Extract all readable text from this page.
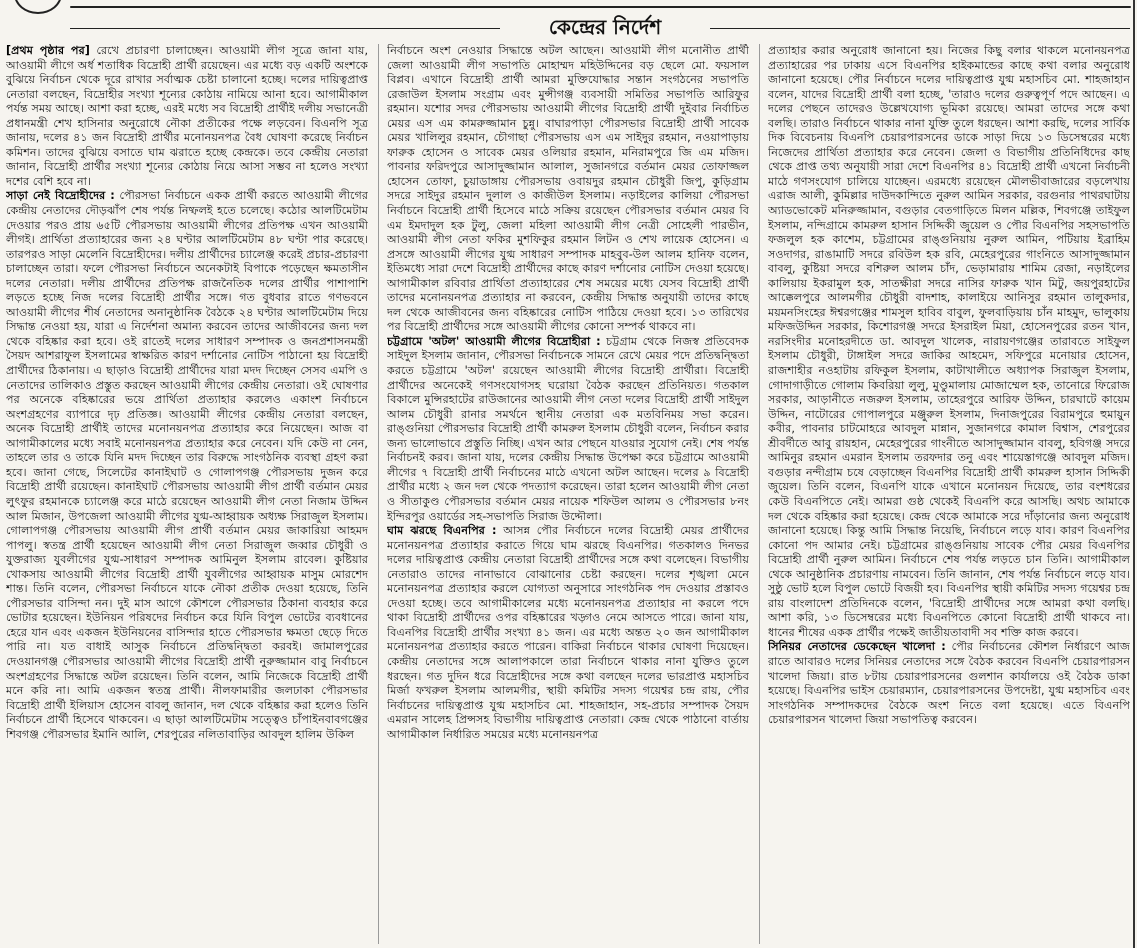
কেন্দ্রের নির্দেশ

[প্রথম পৃষ্ঠার পর] রেখে প্রচারণা চালাচ্ছেন। আওয়ামী লীগ সূত্রে জানা যায়, আওয়ামী লীগে অর্ধ শতাধিক বিদ্রোহী প্রার্থী রয়েছেন। এর মধ্যে বড় একটি অংশকে বুঝিয়ে নির্বাচন থেকে দূরে রাখার সর্বাত্মক চেষ্টা চালানো হচ্ছে। দলের দায়িত্বপ্রাপ্ত নেতারা বলছেন, বিদ্রোহীর সংখ্যা শূন্যের কোঠায় নামিয়ে আনা হবে। আগামীকাল পর্যন্ত সময় আছে। আশা করা হচ্ছে, এরই মধ্যে সব বিদ্রোহী প্রার্থীই দলীয় সভানেত্রী প্রধানমন্ত্রী শেখ হাসিনার অনুরোধে নৌকা প্রতীকের পক্ষে লড়বেন। বিএনপি সূত্র জানায়, দলের ৪১ জন বিদ্রোহী প্রার্থীর মনোনয়নপত্র বৈধ ঘোষণা করেছে নির্বাচন কমিশন। তাদের বুঝিয়ে বসাতে ঘাম ঝরাতে হচ্ছে কেন্দ্রকে। তবে কেন্দ্রীয় নেতারা জানান, বিদ্রোহী প্রার্থীর সংখ্যা শূন্যের কোঠায় নিয়ে আসা সম্ভব না হলেও সংখ্যা দশের বেশি হবে না।

সাড়া নেই বিদ্রোহীদের : পৌরসভা নির্বাচনে একক প্রার্থী করতে আওয়ামী লীগের কেন্দ্রীয় নেতাদের দৌড়ঝাঁপ শেষ পর্যন্ত নিষ্ফলই হতে চলেছে। কঠোর আলটিমেটাম দেওয়ার পরও প্রায় ৬৫টি পৌরসভায় আওয়ামী লীগের প্রতিপক্ষ এখন আওয়ামী লীগই। প্রার্থিতা প্রত্যাহারের জন্য ২৪ ঘণ্টার আলটিমেটাম ৪৮ ঘণ্টা পার করেছে। তারপরও সাড়া মেলেনি বিদ্রোহীদের। দলীয় প্রার্থীদের চ্যালেঞ্জ করেই প্রচার-প্রচারণা চালাচ্ছেন তারা। ফলে পৌরসভা নির্বাচনে অনেকটাই বিপাকে পড়েছেন ক্ষমতাসীন দলের নেতারা। দলীয় প্রার্থীদের প্রতিপক্ষ রাজনৈতিক দলের প্রার্থীর পাশাপাশি লড়তে হচ্ছে নিজ দলের বিদ্রোহী প্রার্থীর সঙ্গে। গত বুধবার রাতে গণভবনে আওয়ামী লীগের শীর্ষ নেতাদের অনানুষ্ঠানিক বৈঠকে ২৪ ঘণ্টার আলটিমেটাম দিয়ে সিদ্ধান্ত নেওয়া হয়, যারা এ নির্দেশনা অমান্য করবেন তাদের আজীবনের জন্য দল থেকে বহিষ্কার করা হবে। ওই রাতেই দলের সাধারণ সম্পাদক ও জনপ্রশাসনমন্ত্রী সৈয়দ আশরাফুল ইসলামের স্বাক্ষরিত কারণ দর্শানোর নোটিস পাঠানো হয় বিদ্রোহী প্রার্থীদের ঠিকানায়। এ ছাড়াও বিদ্রোহী প্রার্থীদের যারা মদদ দিচ্ছেন সেসব এমপি ও নেতাদের তালিকাও প্রস্তুত করছেন আওয়ামী লীগের কেন্দ্রীয় নেতারা। ওই ঘোষণার পর অনেকে বহিষ্কারের ভয়ে প্রার্থিতা প্রত্যাহার করলেও একাংশ নির্বাচনে অংশগ্রহণের ব্যাপারে দৃঢ় প্রতিজ্ঞ। আওয়ামী লীগের কেন্দ্রীয় নেতারা বলছেন, অনেক বিদ্রোহী প্রার্থীই তাদের মনোনয়নপত্র প্রত্যাহার করে নিয়েছেন। আজ বা আগামীকালের মধ্যে সবাই মনোনয়নপত্র প্রত্যাহার করে নেবেন। যদি কেউ না নেন, তাহলে তার ও তাকে যিনি মদদ দিচ্ছেন তার বিরুদ্ধে সাংগঠনিক ব্যবস্থা গ্রহণ করা হবে। জানা গেছে, সিলেটের কানাইঘাট ও গোলাপগঞ্জ পৌরসভায় দুজন করে বিদ্রোহী প্রার্থী রয়েছেন। কানাইঘাট পৌরসভায় আওয়ামী লীগ প্রার্থী বর্তমান মেয়র লুৎফুর রহমানকে চ্যালেঞ্জ করে মাঠে রয়েছেন আওয়ামী লীগ নেতা নিজাম উদ্দিন আল মিজান, উপজেলা আওয়ামী লীগের যুগ্ম-আহ্বায়ক অধ্যক্ষ সিরাজুল ইসলাম। গোলাপগঞ্জ পৌরসভায় আওয়ামী লীগ প্রার্থী বর্তমান মেয়র জাকারিয়া আহমদ পাপলু। স্বতন্ত্র প্রার্থী হয়েছেন আওয়ামী লীগ নেতা সিরাজুল জব্বার চৌধুরী ও যুক্তরাজ্য যুবলীগের যুগ্ম-সাধারণ সম্পাদক আমিনুল ইসলাম রাবেল। কুষ্টিয়ার খোকসায় আওয়ামী লীগের বিদ্রোহী প্রার্থী যুবলীগের আহ্বায়ক মাসুম মোরশেদ শান্ত। তিনি বলেন, পৌরসভা নির্বাচনে যাকে নৌকা প্রতীক দেওয়া হয়েছে, তিনি পৌরসভার বাসিন্দা নন। দুই মাস আগে কৌশলে পৌরসভার ঠিকানা ব্যবহার করে ভোটার হয়েছেন। ইউনিয়ন পরিষদের নির্বাচন করে যিনি বিপুল ভোটের ব্যবধানের হেরে যান এবং একজন ইউনিয়নের বাসিন্দার হাতে পৌরসভার ক্ষমতা ছেড়ে দিতে পারি না। যত বাধাই আসুক নির্বাচনে প্রতিদ্বন্দ্বিতা করবই। জামালপুরের দেওয়ানগঞ্জ পৌরসভার আওয়ামী লীগের বিদ্রোহী প্রার্থী নুরুজ্জামান বাবু নির্বাচনে অংশগ্রহণের সিদ্ধান্তে অটল রয়েছেন। তিনি বলেন, আমি নিজেকে বিদ্রোহী প্রার্থী মনে করি না। আমি একজন স্বতন্ত্র প্রার্থী। নীলফামারীর জলঢাকা পৌরসভার বিদ্রোহী প্রার্থী ইলিয়াস হোসেন বাবলু জানান, দল থেকে বহিষ্কার করা হলেও তিনি নির্বাচনে প্রার্থী হিসেবে থাকবেন। এ ছাড়া আলটিমেটাম সত্ত্বেও চাঁপাইনবাবগঞ্জের শিবগঞ্জ পৌরসভার ইমানি আলি, শেরপুরের নলিতাবাড়ির আবদুল হালিম উকিল

নির্বাচনে অংশ নেওয়ার সিদ্ধান্তে অটল আছেন। আওয়ামী লীগ মনোনীত প্রার্থী জেলা আওয়ামী লীগ সভাপতি মোহাম্মদ মহিউদ্দিনের বড় ছেলে মো. ফয়সাল বিপ্লব। এখানে বিদ্রোহী প্রার্থী আমরা মুক্তিযোদ্ধার সন্তান সংগঠনের সভাপতি রেজাউল ইসলাম সংগ্রাম এবং মুন্সীগঞ্জ ব্যবসায়ী সমিতির সভাপতি আরিফুর রহমান। যশোর সদর পৌরসভায় আওয়ামী লীগের বিদ্রোহী প্রার্থী দুইবার নির্বাচিত মেয়র এস এম কামরুজ্জামান চুন্নু। বাঘারপাড়া পৌরসভার বিদ্রোহী প্রার্থী সাবেক মেয়র খালিলুর রহমান, চৌগাছা পৌরসভায় এস এম সাইদুর রহমান, নওয়াপাড়ায় ফারুক হোসেন ও সাবেক মেয়র ওলিয়ার রহমান, মনিরামপুরে জি এম মজিদ। পাবনার ফরিদপুরে আসাদুজ্জামান আলাল, সুজানগরে বর্তমান মেয়র তোফাজ্জল হোসেন তোফা, চুয়াডাঙ্গায় পৌরসভায় ওবায়দুর রহমান চৌধুরী জিপু, কুড়িগ্রাম সদরে সাইদুর রহমান দুলাল ও কাজীউল ইসলাম। নড়াইলের কালিয়া পৌরসভা নির্বাচনে বিদ্রোহী প্রার্থী হিসেবে মাঠে সক্রিয় রয়েছেন পৌরসভার বর্তমান মেয়র বি এম ইমদাদুল হক টুলু, জেলা মহিলা আওয়ামী লীগ নেত্রী সোহেলী পারভীন, আওয়ামী লীগ নেতা ফকির মুশফিকুর রহমান লিটন ও শেখ লায়েক হোসেন। এ প্রসঙ্গে আওয়ামী লীগের যুগ্ম সাধারণ সম্পাদক মাহবুব-উল আলম হানিফ বলেন, ইতিমধ্যে সারা দেশে বিদ্রোহী প্রার্থীদের কাছে কারণ দর্শানোর নোটিস দেওয়া হয়েছে। আগামীকাল রবিবার প্রার্থিতা প্রত্যাহারের শেষ সময়ের মধ্যে যেসব বিদ্রোহী প্রার্থী তাদের মনোনয়নপত্র প্রত্যাহার না করবেন, কেন্দ্রীয় সিদ্ধান্ত অনুযায়ী তাদের কাছে দল থেকে আজীবনের জন্য বহিষ্কারের নোটিস পাঠিয়ে দেওয়া হবে। ১৩ তারিখের পর বিদ্রোহী প্রার্থীদের সঙ্গে আওয়ামী লীগের কোনো সম্পর্ক থাকবে না।

চট্টগ্রামে 'অটল' আওয়ামী লীগের বিদ্রোহীরা : চট্টগ্রাম থেকে নিজস্ব প্রতিবেদক সাইদুল ইসলাম জানান, পৌরসভা নির্বাচনকে সামনে রেখে মেয়র পদে প্রতিদ্বন্দ্বিতা করতে চট্টগ্রামে 'অটল' রয়েছেন আওয়ামী লীগের বিদ্রোহী প্রার্থীরা। বিদ্রোহী প্রার্থীদের অনেকেই গণসংযোগসহ ঘরোয়া বৈঠক করছেন প্রতিনিয়ত। গতকাল বিকালে মুন্সিরহাটের রাউজানের আওয়ামী লীগ নেতা দলের বিদ্রোহী প্রার্থী সাইদুল আলম চৌধুরী রানার সমর্থনে স্থানীয় নেতারা এক মতবিনিময় সভা করেন। রাঙ্গুনিয়া পৌরসভার বিদ্রোহী প্রার্থী কামরুল ইসলাম চৌধুরী বলেন, নির্বাচন করার জন্য ভালোভাবে প্রস্তুতি নিচ্ছি। এখন আর পেছনে যাওয়ার সুযোগ নেই। শেষ পর্যন্ত নির্বাচনই করব। জানা যায়, দলের কেন্দ্রীয় সিদ্ধান্ত উপেক্ষা করে চট্টগ্রামে আওয়ামী লীগের ৭ বিদ্রোহী প্রার্থী নির্বাচনের মাঠে এখনো অটল আছেন। দলের ৯ বিদ্রোহী প্রার্থীর মধ্যে ২ জন দল থেকে পদত্যাগ করেছেন। তারা হলেন আওয়ামী লীগ নেতা ও সীতাকুণ্ড পৌরসভার বর্তমান মেয়র নায়েক শফিউল আলম ও পৌরসভার ৮নং ইন্দিরপুর ওয়ার্ডের সহ-সভাপতি সিরাজ উদ্দৌলা।

ঘাম ঝরছে বিএনপির : আসন্ন পৌর নির্বাচনে দলের বিদ্রোহী মেয়র প্রার্থীদের মনোনয়নপত্র প্রত্যাহার করাতে গিয়ে ঘাম ঝরছে বিএনপির। গতকালও দিনভর দলের দায়িত্বপ্রাপ্ত কেন্দ্রীয় নেতারা বিদ্রোহী প্রার্থীদের সঙ্গে কথা বলেছেন। বিভাগীয় নেতারাও তাদের নানাভাবে বোঝানোর চেষ্টা করছেন। দলের শৃঙ্খলা মেনে মনোনয়নপত্র প্রত্যাহার করলে যোগ্যতা অনুসারে সাংগঠনিক পদ দেওয়ার প্রস্তাবও দেওয়া হচ্ছে। তবে আগামীকালের মধ্যে মনোনয়নপত্র প্রত্যাহার না করলে পদে থাকা বিদ্রোহী প্রার্থীদের ওপর বহিষ্কারের খড়্গও নেমে আসতে পারে। জানা যায়, বিএনপির বিদ্রোহী প্রার্থীর সংখ্যা ৪১ জন। এর মধ্যে অন্তত ২০ জন আগামীকাল মনোনয়নপত্র প্রত্যাহার করতে পারেন। বাকিরা নির্বাচনে থাকার ঘোষণা দিয়েছেন। কেন্দ্রীয় নেতাদের সঙ্গে আলাপকালে তারা নির্বাচনে থাকার নানা যুক্তিও তুলে ধরছেন। গত দুদিন ধরে বিদ্রোহীদের সঙ্গে কথা বলছেন দলের ভারপ্রাপ্ত মহাসচিব মির্জা ফখরুল ইসলাম আলমগীর, স্থায়ী কমিটির সদস্য গয়েশ্বর চন্দ্র রায়, পৌর নির্বাচনের দায়িত্বপ্রাপ্ত যুগ্ম মহাসচিব মো. শাহজাহান, সহ-প্রচার সম্পাদক সৈয়দ এমরান সালেহ প্রিন্সসহ বিভাগীয় দায়িত্বপ্রাপ্ত নেতারা। কেন্দ্র থেকে পাঠানো বার্তায় আগামীকাল নির্ধারিত সময়ের মধ্যে মনোনয়নপত্র

প্রত্যাহার করার অনুরোধ জানানো হয়। নিজের কিছু বলার থাকলে মনোনয়নপত্র প্রত্যাহারের পর ঢাকায় এসে বিএনপির হাইকমান্ডের কাছে কথা বলার অনুরোধ জানানো হয়েছে। পৌর নির্বাচনে দলের দায়িত্বপ্রাপ্ত যুগ্ম মহাসচিব মো. শাহজাহান বলেন, যাদের বিদ্রোহী প্রার্থী বলা হচ্ছে, 'তারাও দলের গুরুত্বপূর্ণ পদে আছেন। এ দলের পেছনে তাদেরও উল্লেখযোগ্য ভূমিকা রয়েছে। আমরা তাদের সঙ্গে কথা বলছি। তারাও নির্বাচনে থাকার নানা যুক্তি তুলে ধরছেন। আশা করছি, দলের সার্বিক দিক বিবেচনায় বিএনপি চেয়ারপারসনের ডাকে সাড়া দিয়ে ১৩ ডিসেম্বরের মধ্যে নিজেদের প্রার্থিতা প্রত্যাহার করে নেবেন। জেলা ও বিভাগীয় প্রতিনিধিদের কাছ থেকে প্রাপ্ত তথ্য অনুযায়ী সারা দেশে বিএনপির ৪১ বিদ্রোহী প্রার্থী এখনো নির্বাচনী মাঠে গণসংযোগ চালিয়ে যাচ্ছেন। এরমধ্যে রয়েছেন মৌলভীবাজারের বড়লেখায় এরাজ আলী, কুমিল্লার দাউদকান্দিতে নুরুল আমিন সরকার, বরগুনার পাথরঘাটায় অ্যাডভোকেট মনিরুজ্জামান, বগুড়ার বেতগাড়িতে মিলন মল্লিক, শিবগঞ্জে তাইফুল ইসলাম, নন্দিগ্রামে কামরুল হাসান সিদ্দিকী জুয়েল ও পৌর বিএনপির সহসভাপতি ফজলুল হক কাশেম, চট্টগ্রামের রাঙ্গুনিয়ায় নুরুল আমিন, পটিয়ায় ইব্রাহিম সওদাগর, রাঙামাটি সদরে রবিউল হক রবি, মেহেরপুরের গাংনিতে আসাদুজ্জামান বাবলু, কুষ্টিয়া সদরে বশিরুল আলম চাঁদ, ভেড়ামারায় শামিম রেজা, নড়াইলের কালিয়ায় ইকরামুল হক, সাতক্ষীরা সদরে নাসির ফারুক খান মিটু, জয়পুরহাটের আক্কেলপুরে আলমগীর চৌধুরী বাদশাহ, কালাইয়ে আনিসুর রহমান তালুকদার, ময়মনসিংহের ঈশ্বরগঞ্জের শামসুল হাবিব বাবুল, ফুলবাড়িয়ায় চাঁন মাহমুদ, ভালুকায় মফিজউদ্দিন সরকার, কিশোরগঞ্জ সদরে ইসরাইল মিয়া, হোসেনপুরের রতন খান, নরসিংদীর মনোহরদীতে ডা. আবদুল খালেক, নারায়ণগঞ্জের তারাবতে সাইফুল ইসলাম চৌধুরী, টাঙ্গাইল সদরে জাকির আহমেদ, সফিপুরে মনোয়ার হোসেন, রাজশাহীর নওহাটায় রফিকুল ইসলাম, কাটাখালীতে অধ্যাপক সিরাজুল ইসলাম, গোদাগাড়ীতে গোলাম কিবরিয়া লুলু, মুণ্ডুমালায় মোজাম্মেল হক, তানোরে ফিরোজ সরকার, আড়ানীতে নজরুল ইসলাম, তাহেরপুরে আরিফ উদ্দিন, চারঘাটে কায়েম উদ্দিন, নাটোরের গোপালপুরে মঞ্জুরুল ইসলাম, দিনাজপুরের বিরামপুরে হুমায়ুন কবীর, পাবনার চাটমোহরে আবদুল মান্নান, সুজানগরে কামাল বিশ্বাস, শেরপুরের শ্রীবর্দীতে আবু রায়হান, মেহেরপুরের গাংনীতে আসাদুজ্জামান বাবলু, হবিগঞ্জ সদরে আমিনুর রহমান এমরান ইসলাম তরফদার তনু এবং শায়েস্তাগঞ্জে আবদুল মজিদ। বগুড়ার নন্দীগ্রাম চষে বেড়াচ্ছেন বিএনপির বিদ্রোহী প্রার্থী কামরুল হাসান সিদ্দিকী জুয়েল। তিনি বলেন, বিএনপি যাকে এখানে মনোনয়ন দিয়েছে, তার বংশধরের কেউ বিএনপিতে নেই। আমরা গুষ্ঠ থেকেই বিএনপি করে আসছি। অথচ আমাকে দল থেকে বহিষ্কার করা হয়েছে। কেন্দ্র থেকে আমাকে সরে দাঁড়ানোর জন্য অনুরোধ জানানো হয়েছে। কিন্তু আমি সিদ্ধান্ত নিয়েছি, নির্বাচনে লড়ে যাব। কারণ বিএনপির কোনো পদ আমার নেই। চট্টগ্রামের রাঙ্গুনিয়ায় সাবেক পৌর মেয়র বিএনপির বিদ্রোহী প্রার্থী নুরুল আমিন। নির্বাচনে শেষ পর্যন্ত লড়তে চান তিনি। আগামীকাল থেকে আনুষ্ঠানিক প্রচারণায় নামবেন। তিনি জানান, শেষ পর্যন্ত নির্বাচনে লড়ে যাব। সুষ্ঠু ভোট হলে বিপুল ভোটে বিজয়ী হব। বিএনপির স্থায়ী কমিটির সদস্য গয়েশ্বর চন্দ্র রায় বাংলাদেশ প্রতিদিনকে বলেন, 'বিদ্রোহী প্রার্থীদের সঙ্গে আমরা কথা বলছি। আশা করি, ১৩ ডিসেম্বরের মধ্যে বিএনপিতে কোনো বিদ্রোহী প্রার্থী থাকবে না। ধানের শীষের একক প্রার্থীর পক্ষেই জাতীয়তাবাদী সব শক্তি কাজ করবে।

সিনিয়র নেতাদের ডেকেছেন খালেদা : পৌর নির্বাচনের কৌশল নির্ধারণে আজ রাতে আবারও দলের সিনিয়র নেতাদের সঙ্গে বৈঠক করবেন বিএনপি চেয়ারপারসন খালেদা জিয়া। রাত ৮টায় চেয়ারপারসনের গুলশান কার্যালয়ে ওই বৈঠক ডাকা হয়েছে। বিএনপির ভাইস চেয়ারম্যান, চেয়ারপারসনের উপদেষ্টা, যুগ্ম মহাসচিব এবং সাংগঠনিক সম্পাদকদের বৈঠকে অংশ নিতে বলা হয়েছে। এতে বিএনপি চেয়ারপারসন খালেদা জিয়া সভাপতিত্ব করবেন।
